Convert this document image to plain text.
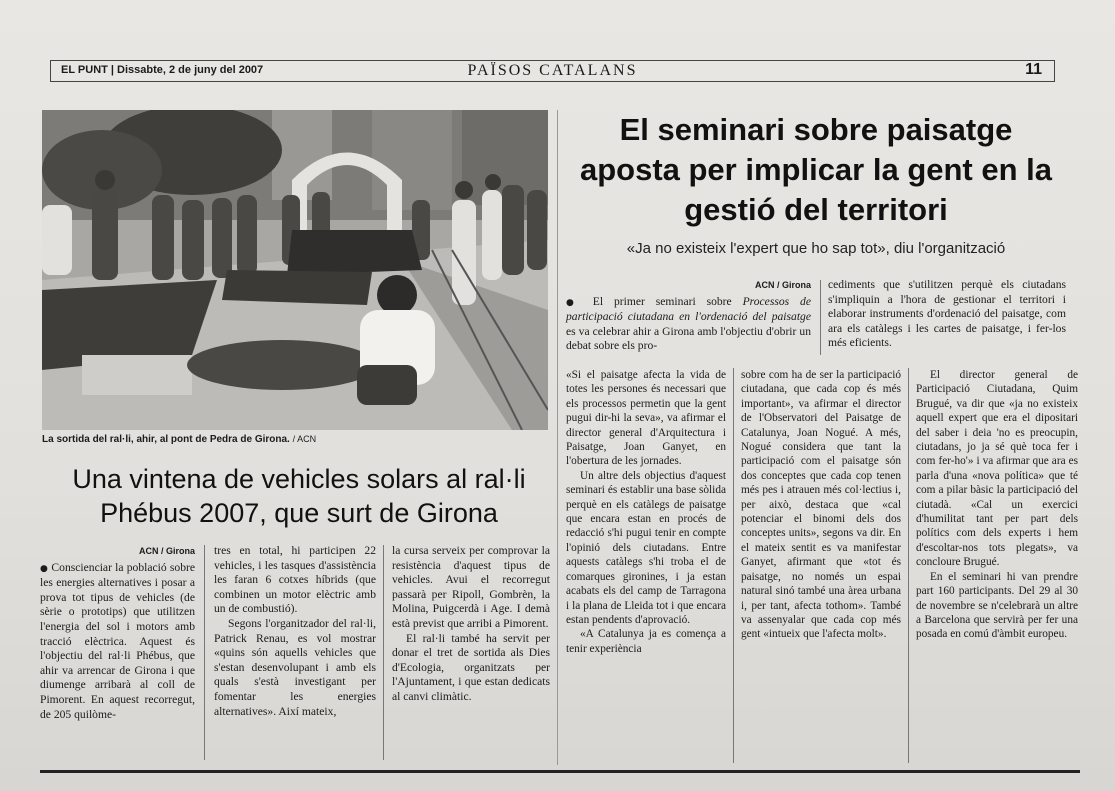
EL PUNT | Dissabte, 2 de juny del 2007	PAÏSOS CATALANS	11
La sortida del ral·li, ahir, al pont de Pedra de Girona. / ACN
Una vintena de vehicles solars al ral·li Phébus 2007, que surt de Girona
ACN / Girona

● Conscienciar la població sobre les energies alternatives i posar a prova tot tipus de vehicles (de sèrie o prototips) que utilitzen l'energia del sol i motors amb tracció elèctrica. Aquest és l'objectiu del ral·li Phébus, que ahir va arrencar de Girona i que diumenge arribarà al coll de Pimorent. En aquest recorregut, de 205 quilòme-

tres en total, hi participen 22 vehicles, i les tasques d'assistència les faran 6 cotxes híbrids (que combinen un motor elèctric amb un de combustió).

Segons l'organitzador del ral·li, Patrick Renau, es vol mostrar «quins són aquells vehicles que s'estan desenvolupant i amb els quals s'està investigant per fomentar les energies alternatives». Així mateix,

la cursa serveix per comprovar la resistència d'aquest tipus de vehicles. Avui el recorregut passarà per Ripoll, Gombrèn, la Molina, Puigcerdà i Age. I demà està previst que arribi a Pimorent.

El ral·li també ha servit per donar el tret de sortida als Dies d'Ecologia, organitzats per l'Ajuntament, i que estan dedicats al canvi climàtic.

El seminari sobre paisatge aposta per implicar la gent en la gestió del territori
«Ja no existeix l'expert que ho sap tot», diu l'organització
ACN / Girona

● El primer seminari sobre Processos de participació ciutadana en l'ordenació del paisatge es va celebrar ahir a Girona amb l'objectiu d'obrir un debat sobre els pro-

cediments que s'utilitzen perquè els ciutadans s'impliquin a l'hora de gestionar el territori i elaborar instruments d'ordenació del paisatge, com ara els catàlegs i les cartes de paisatge, i fer-los més eficients.

«Si el paisatge afecta la vida de totes les persones és necessari que els processos permetin que la gent pugui dir-hi la seva», va afirmar el director general d'Arquitectura i Paisatge, Joan Ganyet, en l'obertura de les jornades.

Un altre dels objectius d'aquest seminari és establir una base sòlida perquè en els catàlegs de paisatge que encara estan en procés de redacció s'hi pugui tenir en compte l'opinió dels ciutadans. Entre aquests catàlegs s'hi troba el de comarques gironines, i ja estan acabats els del camp de Tarragona i la plana de Lleida tot i que encara estan pendents d'aprovació.

«A Catalunya ja es comença a tenir experiència

sobre com ha de ser la participació ciutadana, que cada cop és més important», va afirmar el director de l'Observatori del Paisatge de Catalunya, Joan Nogué. A més, Nogué considera que tant la participació com el paisatge són dos conceptes que cada cop tenen més pes i atrauen més col·lectius i, per això, destaca que «cal potenciar el binomi dels dos conceptes units», segons va dir. En el mateix sentit es va manifestar Ganyet, afirmant que «tot és paisatge, no només un espai natural sinó també una àrea urbana i, per tant, afecta tothom». També va assenyalar que cada cop més gent «intueix que l'afecta molt».

El director general de Participació Ciutadana, Quim Brugué, va dir que «ja no existeix aquell expert que era el dipositari del saber i deia 'no es preocupin, ciutadans, jo ja sé què toca fer i com fer-ho'» i va afirmar que ara es parla d'una «nova política» que té com a pilar bàsic la participació del ciutadà. «Cal un exercici d'humilitat tant per part dels polítics com dels experts i hem d'escoltar-nos tots plegats», va concloure Brugué.

En el seminari hi van prendre part 160 participants. Del 29 al 30 de novembre se n'celebrarà un altre a Barcelona que servirà per fer una posada en comú d'àmbit europeu.
